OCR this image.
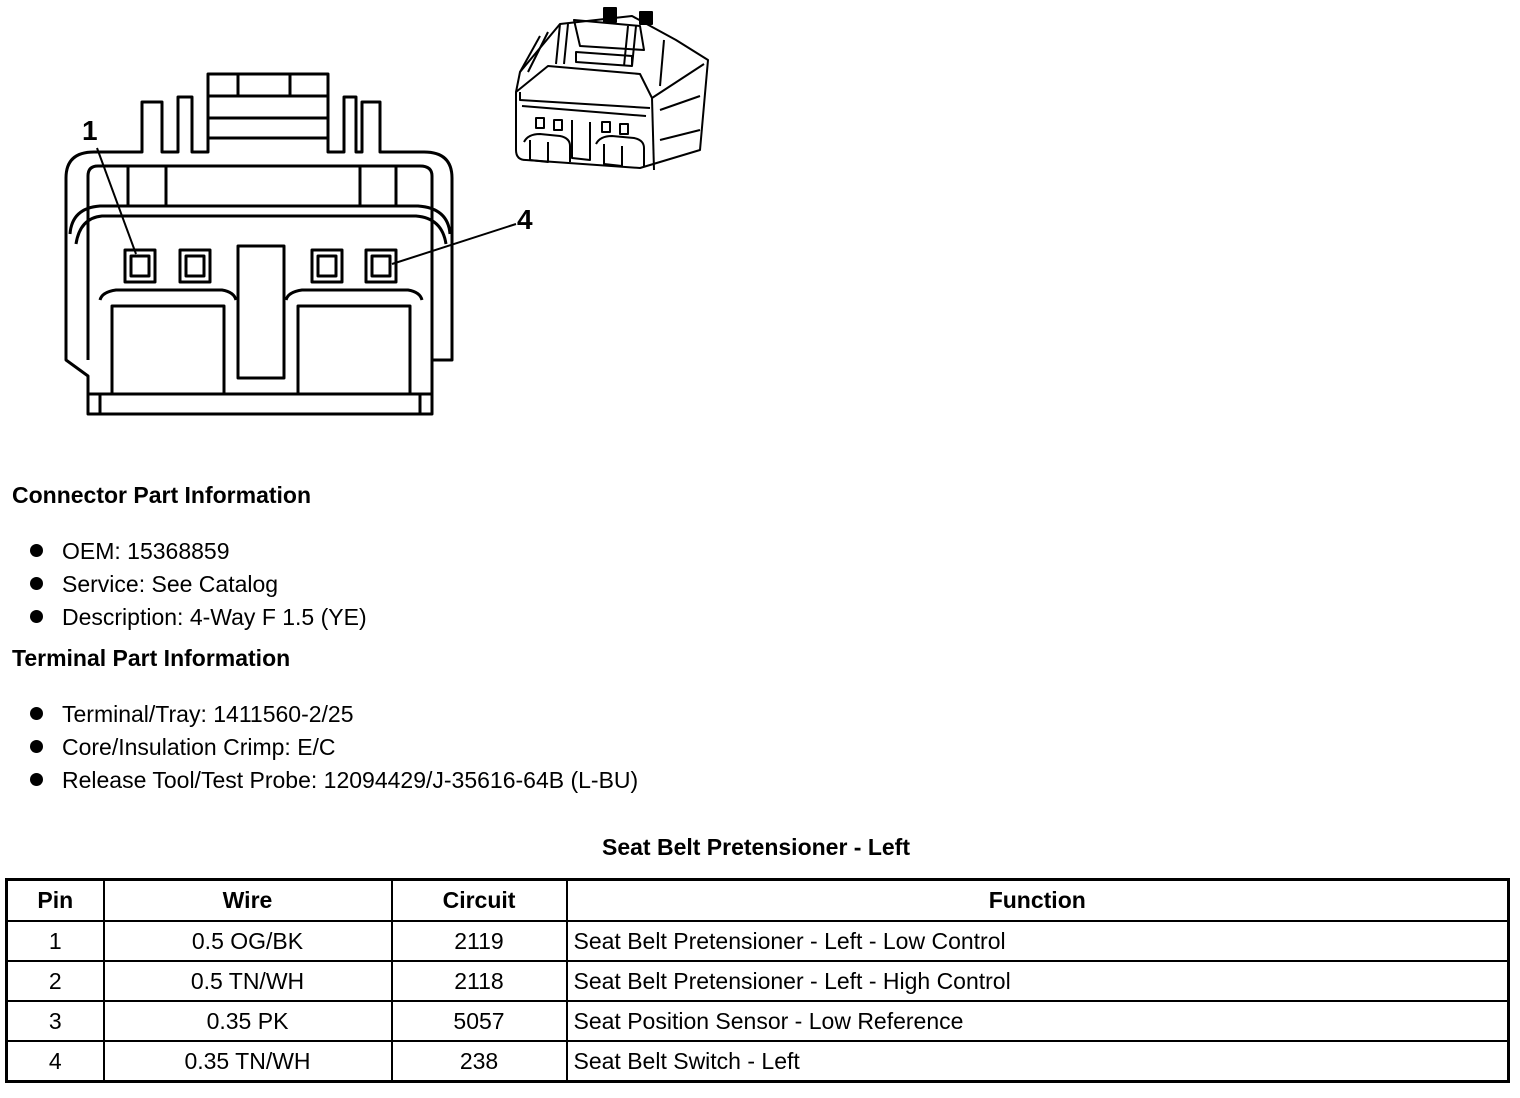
1
4
Connector Part Information
OEM: 15368859
Service: See Catalog
Description: 4-Way F 1.5 (YE)
Terminal Part Information
Terminal/Tray: 1411560-2/25
Core/Insulation Crimp: E/C
Release Tool/Test Probe: 12094429/J-35616-64B (L-BU)
Seat Belt Pretensioner - Left
Pin	Wire	Circuit	Function
1	0.5 OG/BK	2119	Seat Belt Pretensioner - Left - Low Control
2	0.5 TN/WH	2118	Seat Belt Pretensioner - Left - High Control
3	0.35 PK	5057	Seat Position Sensor - Low Reference
4	0.35 TN/WH	238	Seat Belt Switch - Left
